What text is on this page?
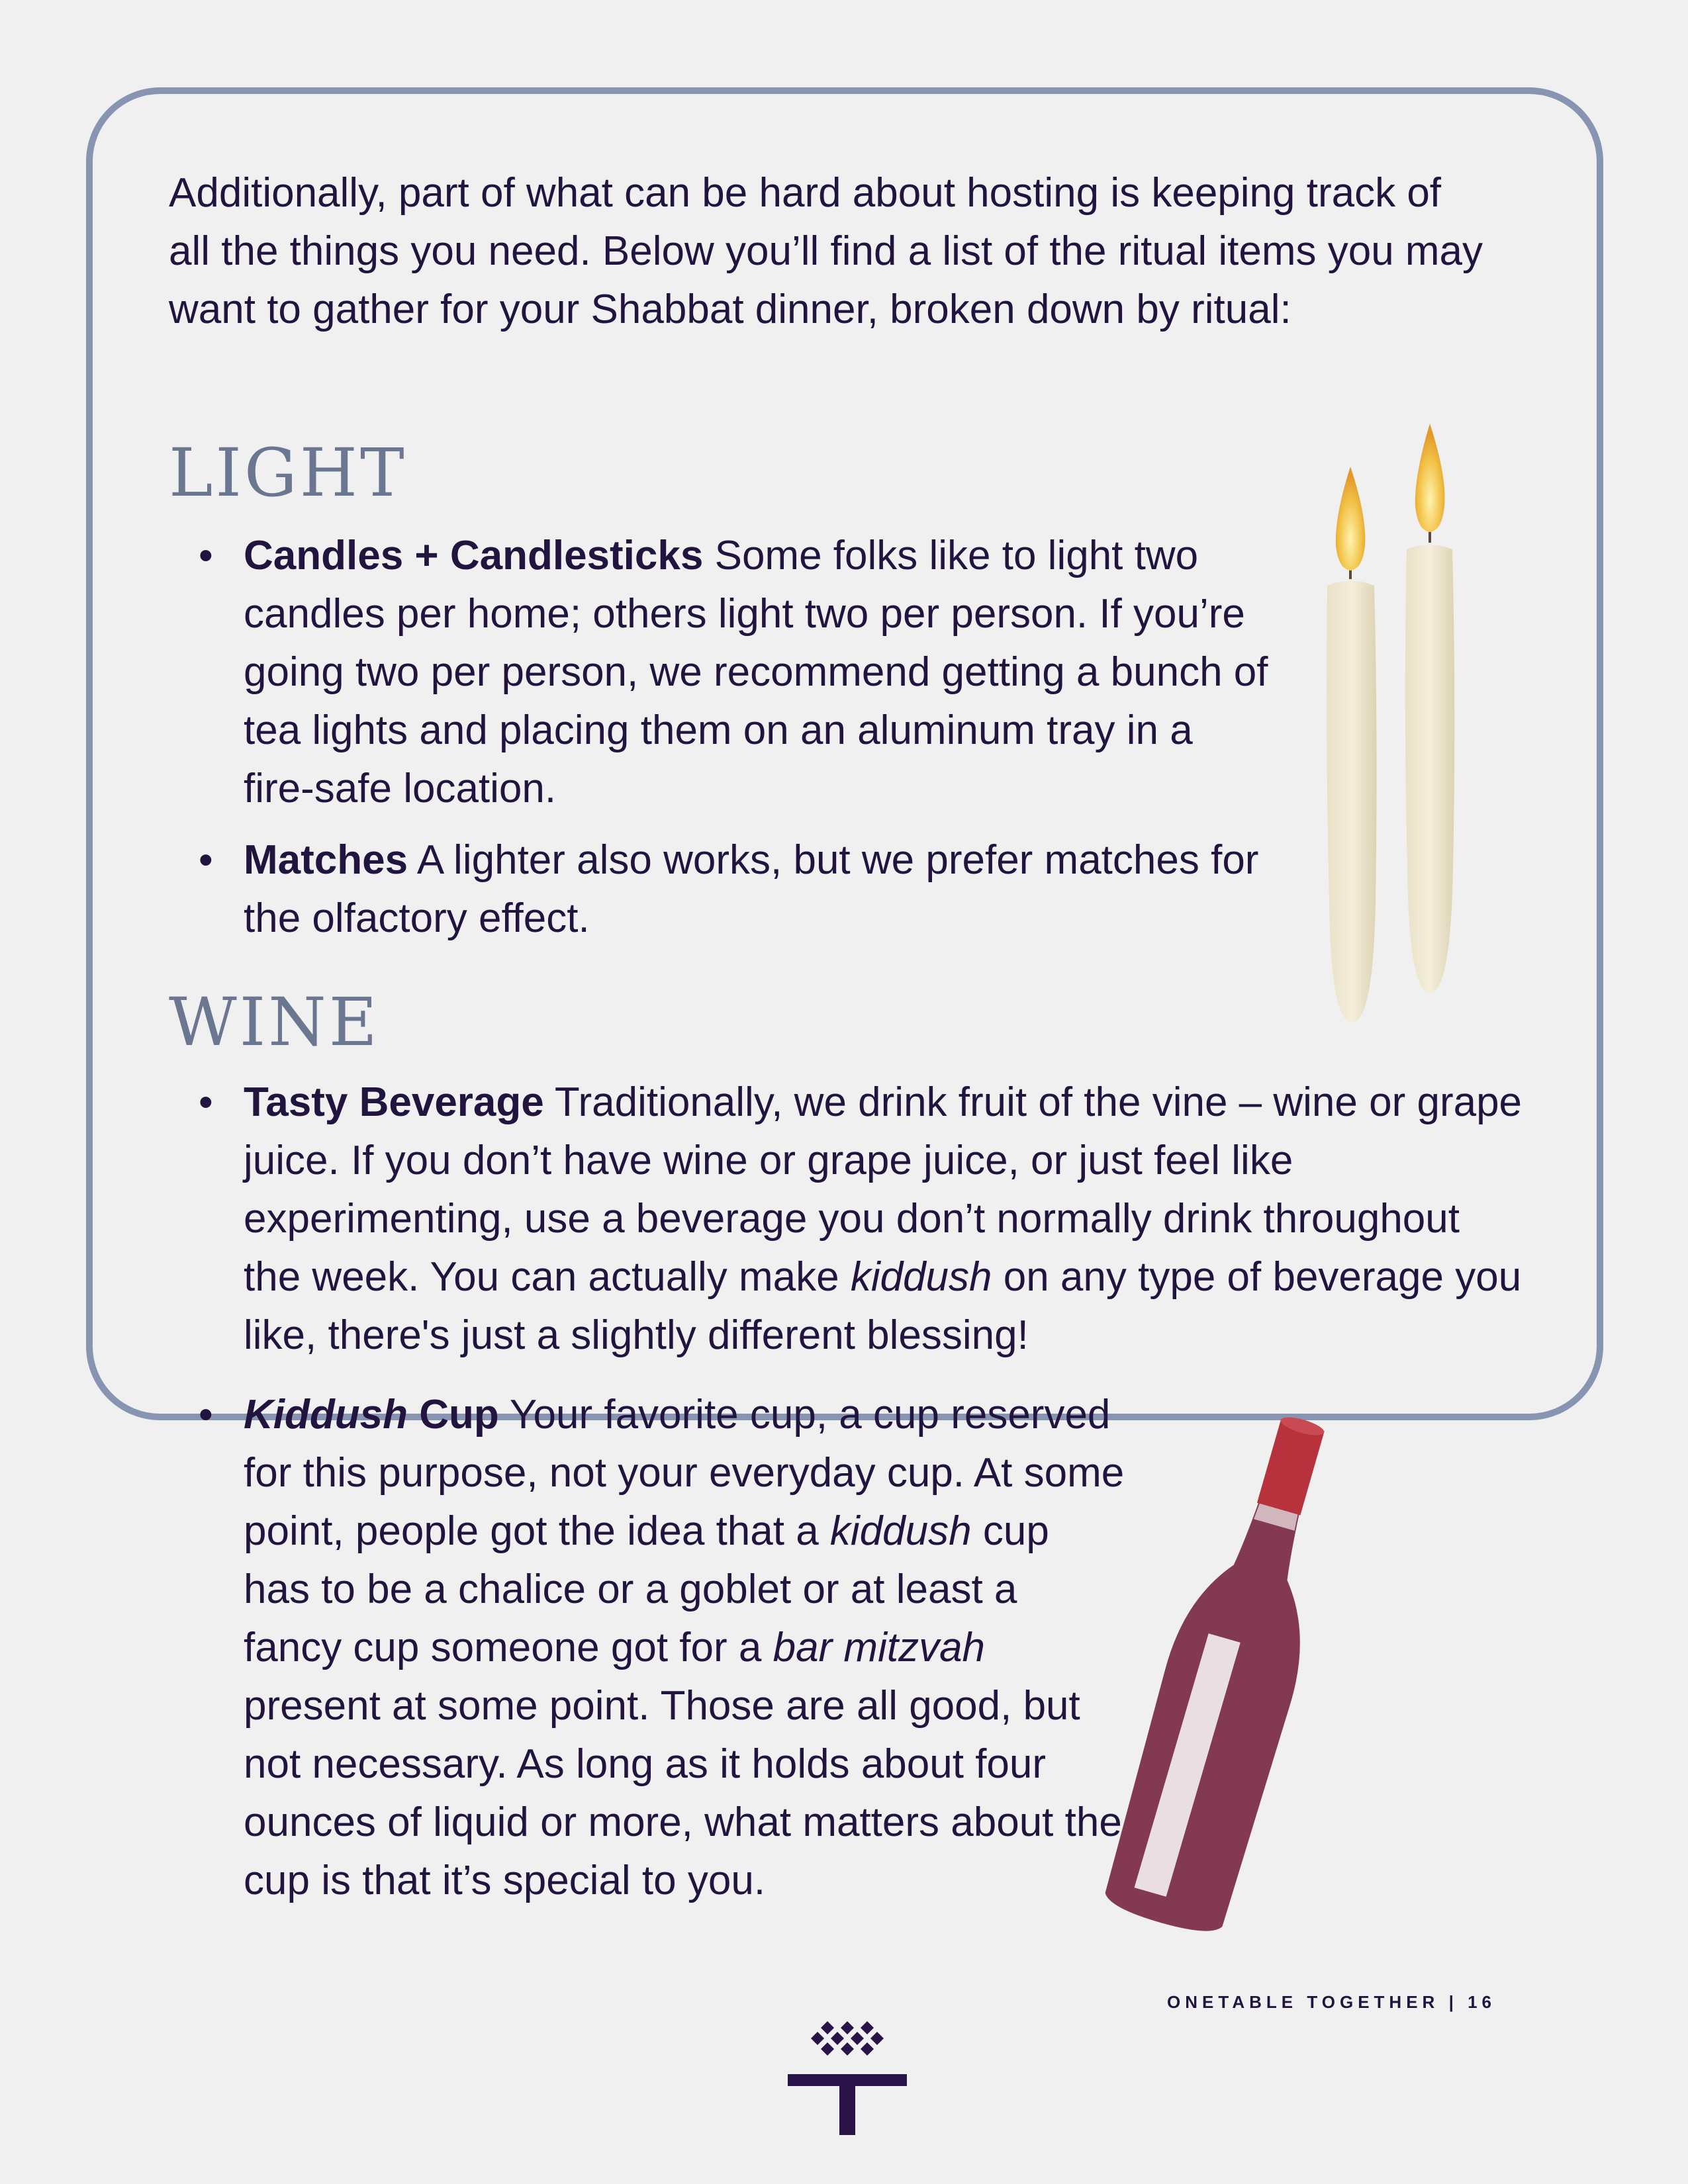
Additionally, part of what can be hard about hosting is keeping track of all the things you need. Below you’ll find a list of the ritual items you may want to gather for your Shabbat dinner, broken down by ritual:

LIGHT
• Candles + Candlesticks Some folks like to light two candles per home; others light two per person. If you’re going two per person, we recommend getting a bunch of tea lights and placing them on an aluminum tray in a fire-safe location.
• Matches A lighter also works, but we prefer matches for the olfactory effect.
WINE
• Tasty Beverage Traditionally, we drink fruit of the vine – wine or grape juice. If you don’t have wine or grape juice, or just feel like experimenting, use a beverage you don’t normally drink throughout the week. You can actually make kiddush on any type of beverage you like, there's just a slightly different blessing!
• Kiddush Cup Your favorite cup, a cup reserved for this purpose, not your everyday cup. At some point, people got the idea that a kiddush cup has to be a chalice or a goblet or at least a fancy cup someone got for a bar mitzvah present at some point. Those are all good, but not necessary. As long as it holds about four ounces of liquid or more, what matters about the cup is that it’s special to you.
ONETABLE TOGETHER | 16
